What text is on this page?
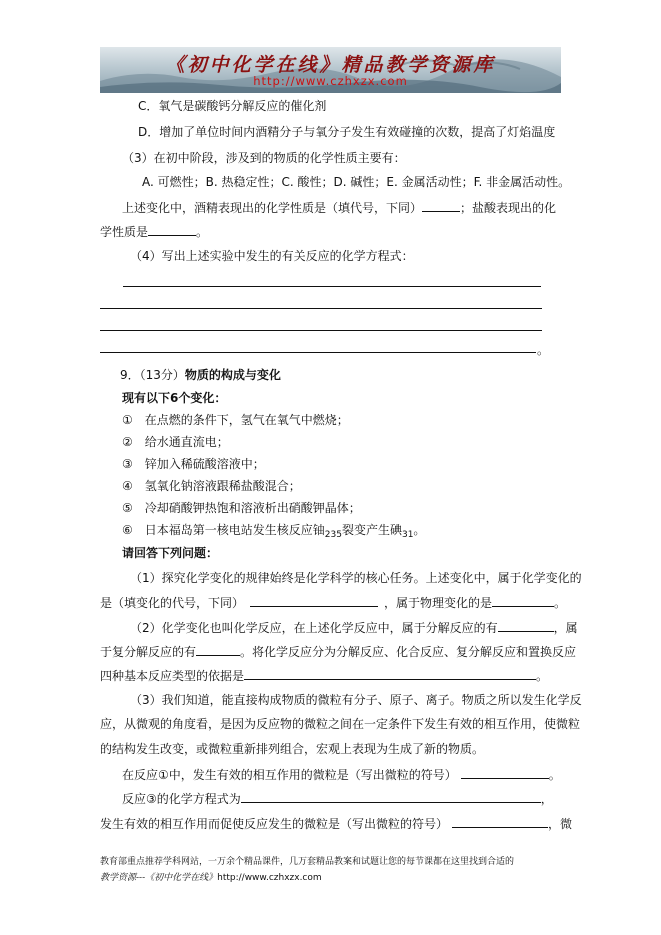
《初中化学在线》精品教学资源库
http://www.czhxzx.com
C．氧气是碳酸钙分解反应的催化剂
D．增加了单位时间内酒精分子与氧分子发生有效碰撞的次数，提高了灯焰温度
（3）在初中阶段，涉及到的物质的化学性质主要有：
A. 可燃性；B. 热稳定性；C. 酸性；D. 碱性；E. 金属活动性；F. 非金属活动性。
上述变化中，酒精表现出的化学性质是（填代号，下同）	；盐酸表现出的化
学性质是	。
（4）写出上述实验中发生的有关反应的化学方程式：
。
9．（13分）物质的构成与变化
现有以下6个变化：
①　在点燃的条件下，氢气在氧气中燃烧；
②　给水通直流电；
③　锌加入稀硫酸溶液中；
④　氢氧化钠溶液跟稀盐酸混合；
⑤　冷却硝酸钾热饱和溶液析出硝酸钾晶体；
⑥　日本福岛第一核电站发生核反应铀$_{235}$裂变产生碘$_{31}$。
请回答下列问题：
（1）探究化学变化的规律始终是化学科学的核心任务。上述变化中，属于化学变化的
是（填变化的代号，下同）	，属于物理变化的是	。
（2）化学变化也叫化学反应，在上述化学反应中，属于分解反应的有	，属
于复分解反应的有	。将化学反应分为分解反应、化合反应、复分解反应和置换反应
四种基本反应类型的依据是	。
（3）我们知道，能直接构成物质的微粒有分子、原子、离子。物质之所以发生化学反
应，从微观的角度看，是因为反应物的微粒之间在一定条件下发生有效的相互作用，使微粒
的结构发生改变，或微粒重新排列组合，宏观上表现为生成了新的物质。
在反应①中，发生有效的相互作用的微粒是（写出微粒的符号）	。
反应③的化学方程式为	，
发生有效的相互作用而促使反应发生的微粒是（写出微粒的符号）	，微
教育部重点推荐学科网站，一万余个精品课件，几万套精品教案和试题让您的每节课都在这里找到合适的
教学资源---《初中化学在线》http://www.czhxzx.com
